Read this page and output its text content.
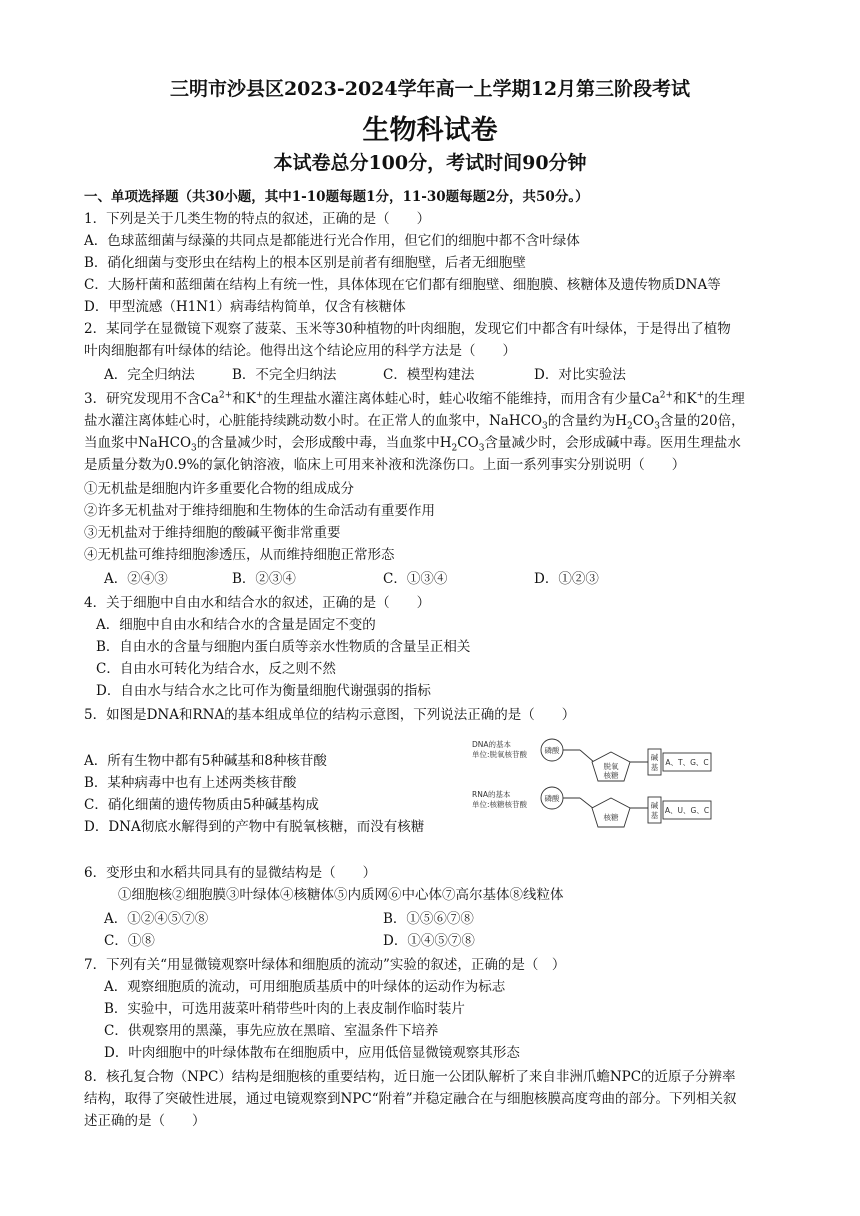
三明市沙县区2023-2024学年高一上学期12月第三阶段考试
生物科试卷
本试卷总分100分，考试时间90分钟
一、单项选择题（共30小题，其中1-10题每题1分，11-30题每题2分，共50分。）
1．下列是关于几类生物的特点的叙述，正确的是（　　）
A．色球蓝细菌与绿藻的共同点是都能进行光合作用，但它们的细胞中都不含叶绿体
B．硝化细菌与变形虫在结构上的根本区别是前者有细胞壁，后者无细胞壁
C．大肠杆菌和蓝细菌在结构上有统一性，具体体现在它们都有细胞壁、细胞膜、核糖体及遗传物质DNA等
D．甲型流感（H1N1）病毒结构简单，仅含有核糖体
2．某同学在显微镜下观察了菠菜、玉米等30种植物的叶肉细胞，发现它们中都含有叶绿体，于是得出了植物
叶肉细胞都有叶绿体的结论。他得出这个结论应用的科学方法是（　　）
A．完全归纳法	B．不完全归纳法	C．模型构建法	D．对比实验法
3．研究发现用不含$Ca^{2+}$和K+的生理盐水灌注离体蛙心时，蛙心收缩不能维持，而用含有少量$Ca^{2+}$和K+的生理
盐水灌注离体蛙心时，心脏能持续跳动数小时。在正常人的血浆中，NaHCO$_3$的含量约为$H_2CO_3$含量的20倍，
当血浆中NaHCO$_3$的含量减少时，会形成酸中毒，当血浆中$H_2CO_3$含量减少时，会形成碱中毒。医用生理盐水
是质量分数为0.9%的氯化钠溶液，临床上可用来补液和洗涤伤口。上面一系列事实分别说明（　　）
①无机盐是细胞内许多重要化合物的组成成分
②许多无机盐对于维持细胞和生物体的生命活动有重要作用
③无机盐对于维持细胞的酸碱平衡非常重要
④无机盐可维持细胞渗透压，从而维持细胞正常形态
A．②④③	B．②③④	C．①③④	D．①②③
4．关于细胞中自由水和结合水的叙述，正确的是（　　）
A．细胞中自由水和结合水的含量是固定不变的
B．自由水的含量与细胞内蛋白质等亲水性物质的含量呈正相关
C．自由水可转化为结合水，反之则不然
D．自由水与结合水之比可作为衡量细胞代谢强弱的指标
5．如图是DNA和RNA的基本组成单位的结构示意图，下列说法正确的是（　　）
A．所有生物中都有5种碱基和8种核苷酸
B．某种病毒中也有上述两类核苷酸
C．硝化细菌的遗传物质由5种碱基构成
D．DNA彻底水解得到的产物中有脱氧核糖，而没有核糖
DNA的基本
单位:脱氧核苷酸 磷酸
脱氧
核糖
碱
基
A、T、G、C
RNA的基本
单位:核糖核苷酸
磷酸
核糖
碱
基
A、U、G、C
6．变形虫和水稻共同具有的显微结构是（　　）
①细胞核②细胞膜③叶绿体④核糖体⑤内质网⑥中心体⑦高尔基体⑧线粒体
A．①②④⑤⑦⑧	B．①⑤⑥⑦⑧
C．①⑧	D．①④⑤⑦⑧
7．下列有关“用显微镜观察叶绿体和细胞质的流动”实验的叙述，正确的是（　）
A．观察细胞质的流动，可用细胞质基质中的叶绿体的运动作为标志
B．实验中，可选用菠菜叶稍带些叶肉的上表皮制作临时装片
C．供观察用的黑藻，事先应放在黑暗、室温条件下培养
D．叶肉细胞中的叶绿体散布在细胞质中，应用低倍显微镜观察其形态
8．核孔复合物（NPC）结构是细胞核的重要结构，近日施一公团队解析了来自非洲爪蟾NPC的近原子分辨率
结构，取得了突破性进展，通过电镜观察到NPC“附着”并稳定融合在与细胞核膜高度弯曲的部分。下列相关叙
述正确的是（　　）
